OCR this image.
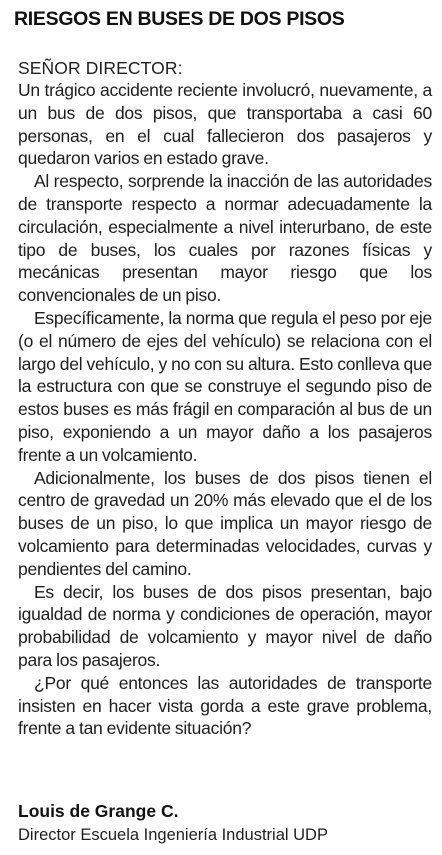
RIESGOS EN BUSES DE DOS PISOS

SEÑOR DIRECTOR:

Un trágico accidente reciente involucró, nuevamente, a un bus de dos pisos, que transportaba a casi 60 personas, en el cual fallecieron dos pasajeros y quedaron varios en estado grave.

Al respecto, sorprende la inacción de las autoridades de transporte respecto a normar adecuadamente la circulación, especialmente a nivel interurbano, de este tipo de buses, los cuales por razones físicas y mecánicas presentan mayor riesgo que los convencionales de un piso.

Específicamente, la norma que regula el peso por eje (o el número de ejes del vehículo) se relaciona con el largo del vehículo, y no con su altura. Esto conlleva que la estructura con que se construye el segundo piso de estos buses es más frágil en comparación al bus de un piso, exponiendo a un mayor daño a los pasajeros frente a un volcamiento.

Adicionalmente, los buses de dos pisos tienen el centro de gravedad un 20% más elevado que el de los buses de un piso, lo que implica un mayor riesgo de volcamiento para determinadas velocidades, curvas y pendientes del camino.

Es decir, los buses de dos pisos presentan, bajo igualdad de norma y condiciones de operación, mayor probabilidad de volcamiento y mayor nivel de daño para los pasajeros.

¿Por qué entonces las autoridades de transporte insisten en hacer vista gorda a este grave problema, frente a tan evidente situación?

Louis de Grange C.

Director Escuela Ingeniería Industrial UDP
